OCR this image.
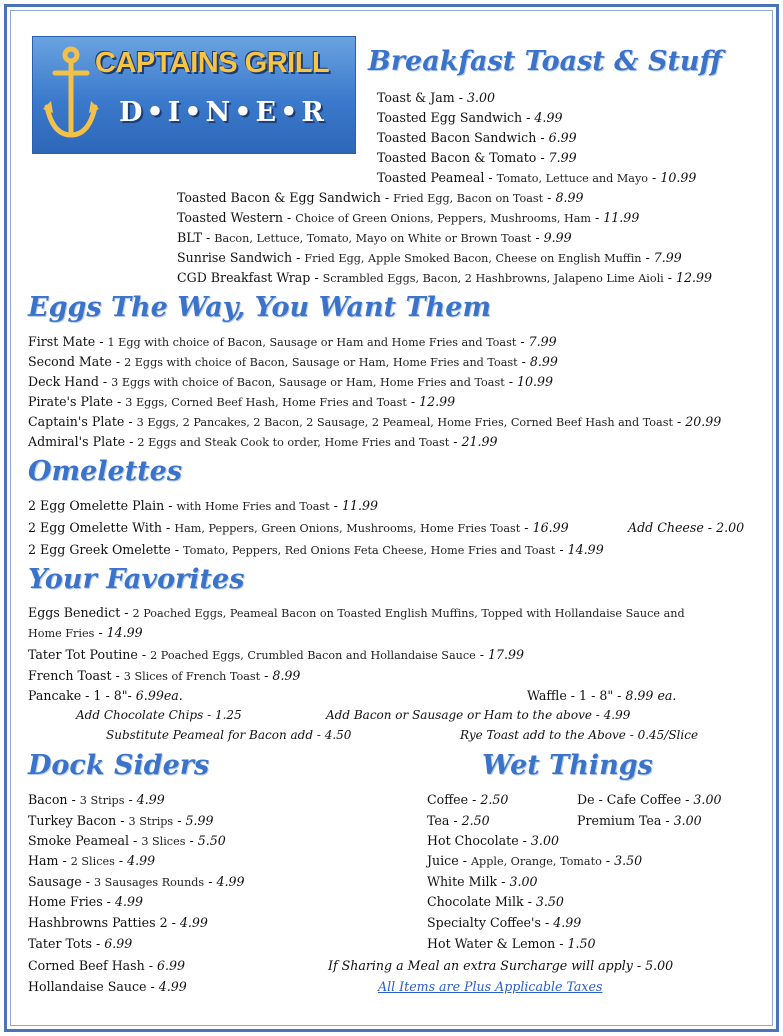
CAPTAINS GRILL
D•I•N•E•R
Breakfast Toast & Stuff
Toast & Jam - 3.00
Toasted Egg Sandwich - 4.99
Toasted Bacon Sandwich - 6.99
Toasted Bacon & Tomato - 7.99
Toasted Peameal - Tomato, Lettuce and Mayo - 10.99
Toasted Bacon & Egg Sandwich - Fried Egg, Bacon on Toast - 8.99
Toasted Western - Choice of Green Onions, Peppers, Mushrooms, Ham - 11.99
BLT - Bacon, Lettuce, Tomato, Mayo on White or Brown Toast - 9.99
Sunrise Sandwich - Fried Egg, Apple Smoked Bacon, Cheese on English Muffin - 7.99
CGD Breakfast Wrap - Scrambled Eggs, Bacon, 2 Hashbrowns, Jalapeno Lime Aioli - 12.99
Eggs The Way, You Want Them
First Mate - 1 Egg with choice of Bacon, Sausage or Ham and Home Fries and Toast - 7.99
Second Mate - 2 Eggs with choice of Bacon, Sausage or Ham, Home Fries and Toast - 8.99
Deck Hand - 3 Eggs with choice of Bacon, Sausage or Ham, Home Fries and Toast - 10.99
Pirate's Plate - 3 Eggs, Corned Beef Hash, Home Fries and Toast - 12.99
Captain's Plate - 3 Eggs, 2 Pancakes, 2 Bacon, 2 Sausage, 2 Peameal, Home Fries, Corned Beef Hash and Toast - 20.99
Admiral's Plate - 2 Eggs and Steak Cook to order, Home Fries and Toast - 21.99
Omelettes
2 Egg Omelette Plain - with Home Fries and Toast - 11.99
2 Egg Omelette With - Ham, Peppers, Green Onions, Mushrooms, Home Fries Toast - 16.99
2 Egg Greek Omelette - Tomato, Peppers, Red Onions Feta Cheese, Home Fries and Toast - 14.99
Add Cheese - 2.00
Your Favorites
Eggs Benedict - 2 Poached Eggs, Peameal Bacon on Toasted English Muffins, Topped with Hollandaise Sauce and
Home Fries - 14.99
Tater Tot Poutine - 2 Poached Eggs, Crumbled Bacon and Hollandaise Sauce - 17.99
French Toast - 3 Slices of French Toast - 8.99
Pancake - 1 - 8"- 6.99ea.	Waffle - 1 - 8" - 8.99 ea.
Add Chocolate Chips - 1.25	Add Bacon or Sausage or Ham to the above - 4.99
Substitute Peameal for Bacon add - 4.50	Rye Toast add to the Above - 0.45/Slice
Dock Siders
Bacon - 3 Strips - 4.99
Turkey Bacon - 3 Strips - 5.99
Smoke Peameal - 3 Slices - 5.50
Ham - 2 Slices - 4.99
Sausage - 3 Sausages Rounds - 4.99
Home Fries - 4.99
Hashbrowns Patties 2 - 4.99
Tater Tots - 6.99
Corned Beef Hash - 6.99
Hollandaise Sauce - 4.99
Wet Things
Coffee - 2.50
Tea - 2.50
Hot Chocolate - 3.00
Juice - Apple, Orange, Tomato - 3.50
White Milk - 3.00
Chocolate Milk - 3.50
Specialty Coffee's - 4.99
Hot Water & Lemon - 1.50
De - Cafe Coffee - 3.00
Premium Tea - 3.00
If Sharing a Meal an extra Surcharge will apply - 5.00
All Items are Plus Applicable Taxes
